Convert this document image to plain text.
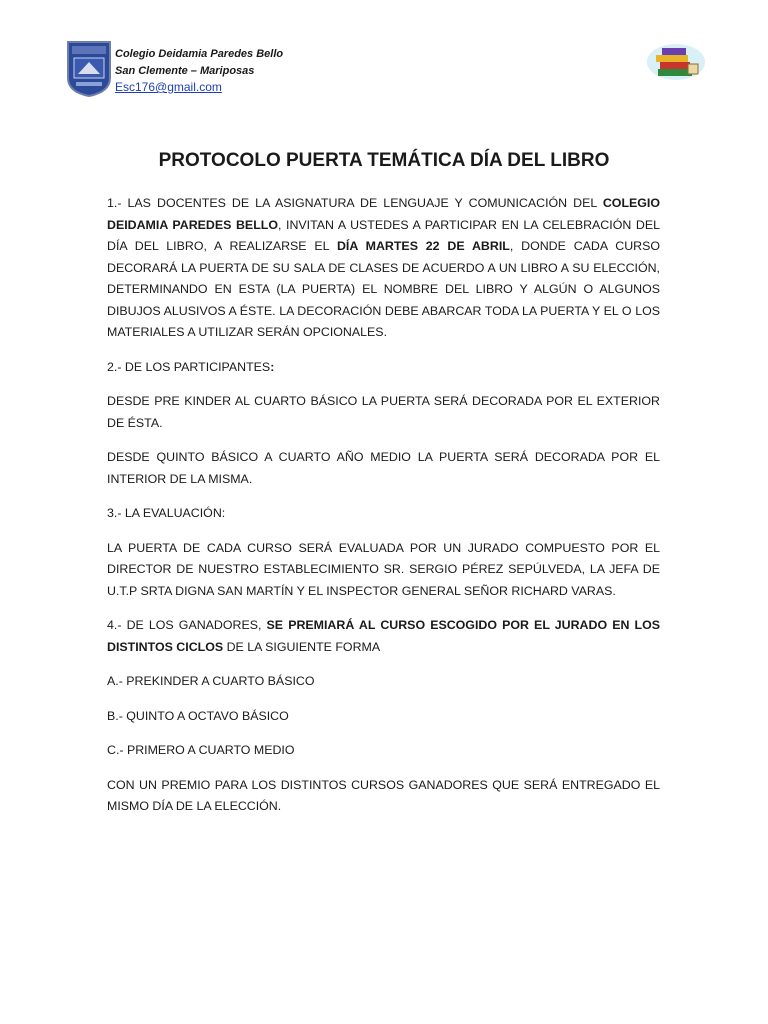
Colegio Deidamia Paredes Bello
San Clemente – Mariposas
Esc176@gmail.com
PROTOCOLO PUERTA TEMÁTICA DÍA DEL LIBRO

1.- LAS DOCENTES DE LA ASIGNATURA DE LENGUAJE Y COMUNICACIÓN DEL COLEGIO DEIDAMIA PAREDES BELLO, INVITAN A USTEDES A PARTICIPAR EN LA CELEBRACIÓN DEL DÍA DEL LIBRO, A REALIZARSE EL DÍA MARTES 22 DE ABRIL, DONDE CADA CURSO DECORARÁ LA PUERTA DE SU SALA DE CLASES DE ACUERDO A UN LIBRO A SU ELECCIÓN, DETERMINANDO EN ESTA (LA PUERTA) EL NOMBRE DEL LIBRO Y ALGÚN O ALGUNOS DIBUJOS ALUSIVOS A ÉSTE. LA DECORACIÓN DEBE ABARCAR TODA LA PUERTA Y EL O LOS MATERIALES A UTILIZAR SERÁN OPCIONALES.

2.- DE LOS PARTICIPANTES:

DESDE PRE KINDER AL CUARTO BÁSICO LA PUERTA SERÁ DECORADA POR EL EXTERIOR DE ÉSTA.

DESDE QUINTO BÁSICO A CUARTO AÑO MEDIO LA PUERTA SERÁ DECORADA POR EL INTERIOR DE LA MISMA.

3.- LA EVALUACIÓN:

LA PUERTA DE CADA CURSO SERÁ EVALUADA POR UN JURADO COMPUESTO POR EL DIRECTOR DE NUESTRO ESTABLECIMIENTO SR. SERGIO PÉREZ SEPÚLVEDA, LA JEFA DE U.T.P SRTA DIGNA SAN MARTÍN Y EL INSPECTOR GENERAL SEÑOR RICHARD VARAS.

4.- DE LOS GANADORES, SE PREMIARÁ AL CURSO ESCOGIDO POR EL JURADO EN LOS DISTINTOS CICLOS DE LA SIGUIENTE FORMA

A.- PREKINDER A CUARTO BÁSICO

B.- QUINTO A OCTAVO BÁSICO

C.- PRIMERO A CUARTO MEDIO

CON UN PREMIO PARA LOS DISTINTOS CURSOS GANADORES QUE SERÁ ENTREGADO EL MISMO DÍA DE LA ELECCIÓN.
